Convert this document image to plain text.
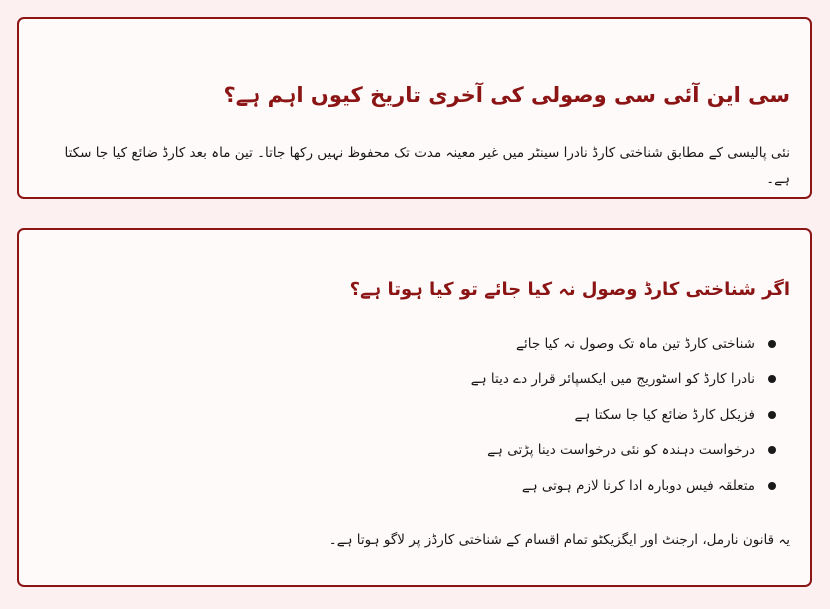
سی این آئی سی وصولی کی آخری تاریخ کیوں اہم ہے؟

نئی پالیسی کے مطابق شناختی کارڈ نادرا سینٹر میں غیر معینہ مدت تک محفوظ نہیں رکھا جاتا۔ تین ماہ بعد کارڈ ضائع کیا جا سکتا ہے۔

اگر شناختی کارڈ وصول نہ کیا جائے تو کیا ہوتا ہے؟
شناختی کارڈ تین ماہ تک وصول نہ کیا جائے
نادرا کارڈ کو اسٹوریج میں ایکسپائر قرار دے دیتا ہے
فزیکل کارڈ ضائع کیا جا سکتا ہے
درخواست دہندہ کو نئی درخواست دینا پڑتی ہے
متعلقہ فیس دوبارہ ادا کرنا لازم ہوتی ہے

یہ قانون نارمل، ارجنٹ اور ایگزیکٹو تمام اقسام کے شناختی کارڈز پر لاگو ہوتا ہے۔
